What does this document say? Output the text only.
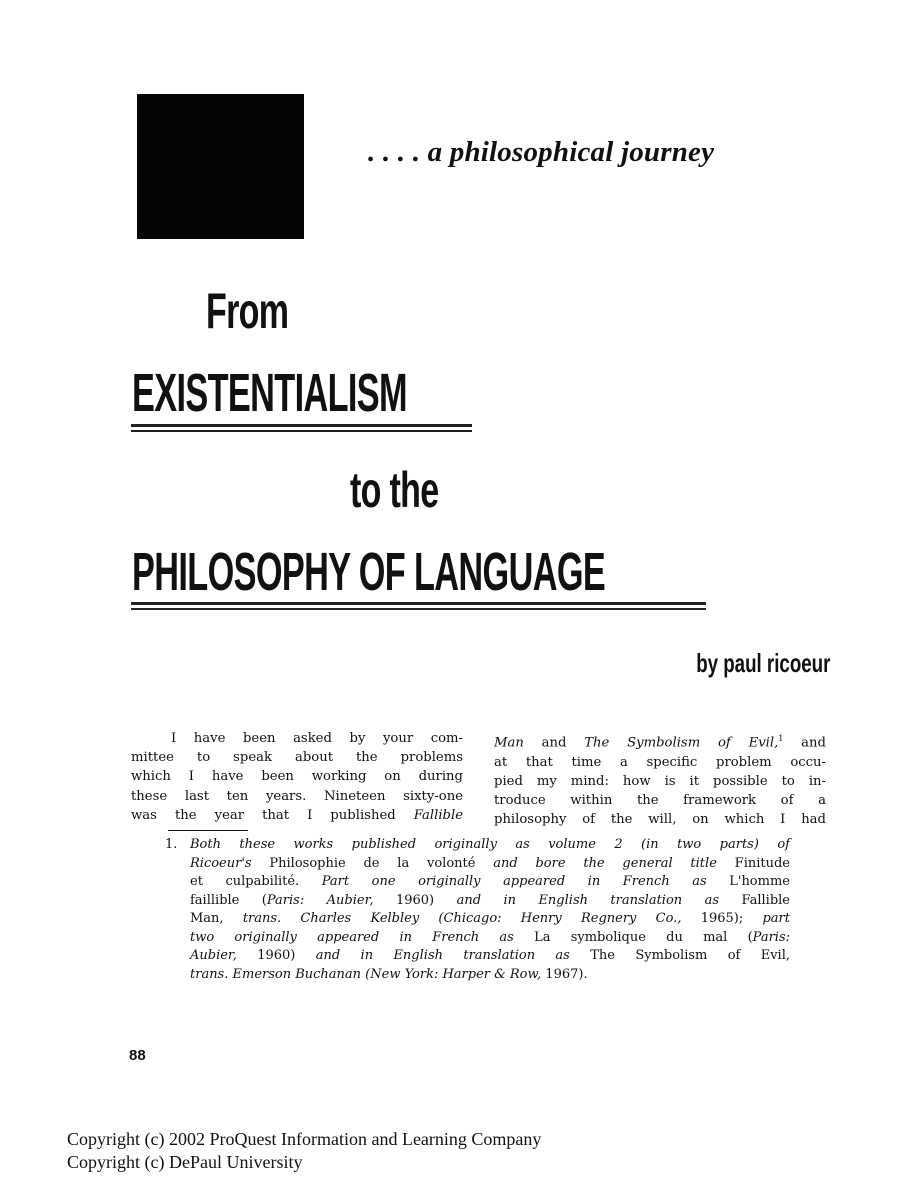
. . . . a philosophical journey
From
EXISTENTIALISM
to the
PHILOSOPHY OF LANGUAGE
by paul ricoeur

I have been asked by your com-
mittee to speak about the problems
which I have been working on during
these last ten years. Nineteen sixty-one
was the year that I published Fallible

Man and The Symbolism of Evil,$^1$ and
at that time a specific problem occu-
pied my mind: how is it possible to in-
troduce within the framework of a
philosophy of the will, on which I had

1. Both these works published originally as volume 2 (in two parts) of
Ricoeur's Philosophie de la volonté and bore the general title Finitude
et culpabilité. Part one originally appeared in French as L'homme
faillible (Paris: Aubier, 1960) and in English translation as Fallible
Man, trans. Charles Kelbley (Chicago: Henry Regnery Co., 1965); part
two originally appeared in French as La symbolique du mal (Paris:
Aubier, 1960) and in English translation as The Symbolism of Evil,
trans. Emerson Buchanan (New York: Harper & Row, 1967).
88
Copyright (c) 2002 ProQuest Information and Learning Company
Copyright (c) DePaul University
